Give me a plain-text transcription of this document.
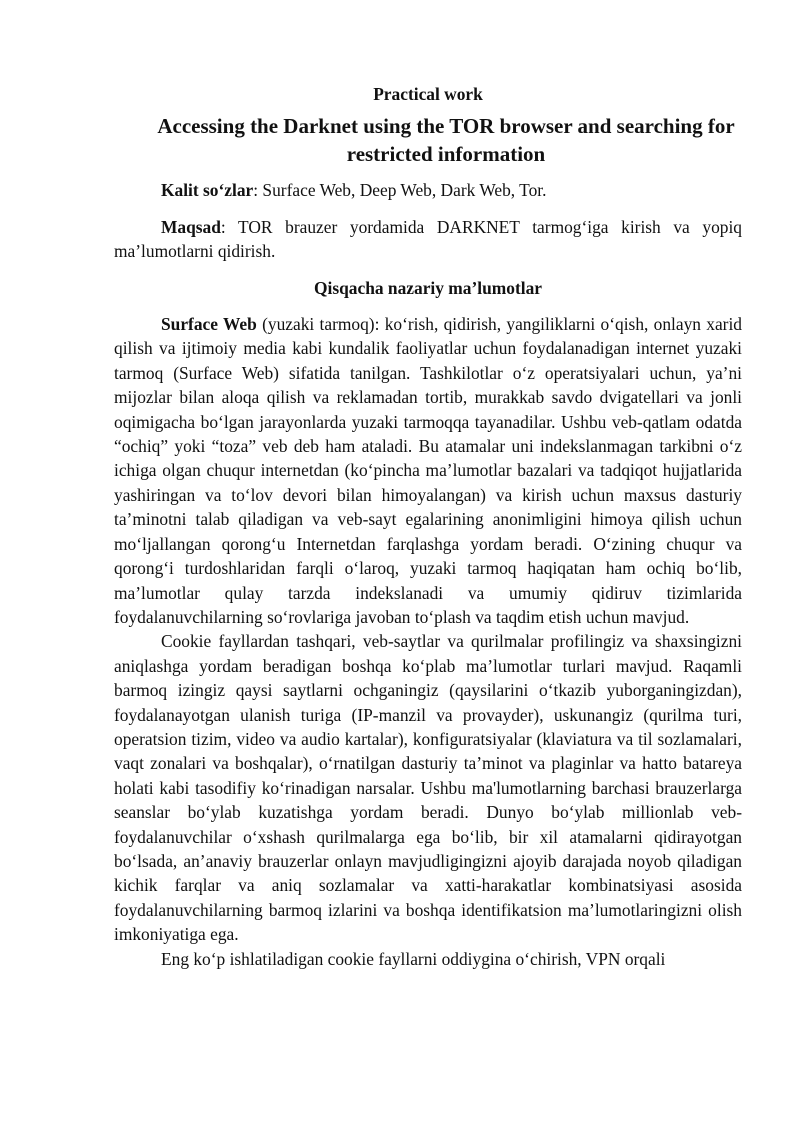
Practical work
Accessing the Darknet using the TOR browser and searching for restricted information

Kalit so‘zlar: Surface Web, Deep Web, Dark Web, Tor.

Maqsad: TOR brauzer yordamida DARKNET tarmog‘iga kirish va yopiq ma’lumotlarni qidirish.

Qisqacha nazariy ma’lumotlar

Surface Web (yuzaki tarmoq): ko‘rish, qidirish, yangiliklarni o‘qish, onlayn xarid qilish va ijtimoiy media kabi kundalik faoliyatlar uchun foydalanadigan internet yuzaki tarmoq (Surface Web) sifatida tanilgan. Tashkilotlar o‘z operatsiyalari uchun, ya’ni mijozlar bilan aloqa qilish va reklamadan tortib, murakkab savdo dvigatellari va jonli oqimigacha bo‘lgan jarayonlarda yuzaki tarmoqqa tayanadilar. Ushbu veb-qatlam odatda “ochiq” yoki “toza” veb deb ham ataladi. Bu atamalar uni indekslanmagan tarkibni o‘z ichiga olgan chuqur internetdan (ko‘pincha ma’lumotlar bazalari va tadqiqot hujjatlarida yashiringan va to‘lov devori bilan himoyalangan) va kirish uchun maxsus dasturiy ta’minotni talab qiladigan va veb-sayt egalarining anonimligini himoya qilish uchun mo‘ljallangan qorong‘u Internetdan farqlashga yordam beradi. O‘zining chuqur va qorong‘i turdoshlaridan farqli o‘laroq, yuzaki tarmoq haqiqatan ham ochiq bo‘lib, ma’lumotlar qulay tarzda indekslanadi va umumiy qidiruv tizimlarida foydalanuvchilarning so‘rovlariga javoban to‘plash va taqdim etish uchun mavjud.

Cookie fayllardan tashqari, veb-saytlar va qurilmalar profilingiz va shaxsingizni aniqlashga yordam beradigan boshqa ko‘plab ma’lumotlar turlari mavjud. Raqamli barmoq izingiz qaysi saytlarni ochganingiz (qaysilarini o‘tkazib yuborganingizdan), foydalanayotgan ulanish turiga (IP-manzil va provayder), uskunangiz (qurilma turi, operatsion tizim, video va audio kartalar), konfiguratsiyalar (klaviatura va til sozlamalari, vaqt zonalari va boshqalar), o‘rnatilgan dasturiy ta’minot va plaginlar va hatto batareya holati kabi tasodifiy ko‘rinadigan narsalar. Ushbu ma'lumotlarning barchasi brauzerlarga seanslar bo‘ylab kuzatishga yordam beradi. Dunyo bo‘ylab millionlab veb-foydalanuvchilar o‘xshash qurilmalarga ega bo‘lib, bir xil atamalarni qidirayotgan bo‘lsada, an’anaviy brauzerlar onlayn mavjudligingizni ajoyib darajada noyob qiladigan kichik farqlar va aniq sozlamalar va xatti-harakatlar kombinatsiyasi asosida foydalanuvchilarning barmoq izlarini va boshqa identifikatsion ma’lumotlaringizni olish imkoniyatiga ega.

Eng ko‘p ishlatiladigan cookie fayllarni oddiygina o‘chirish, VPN orqali
